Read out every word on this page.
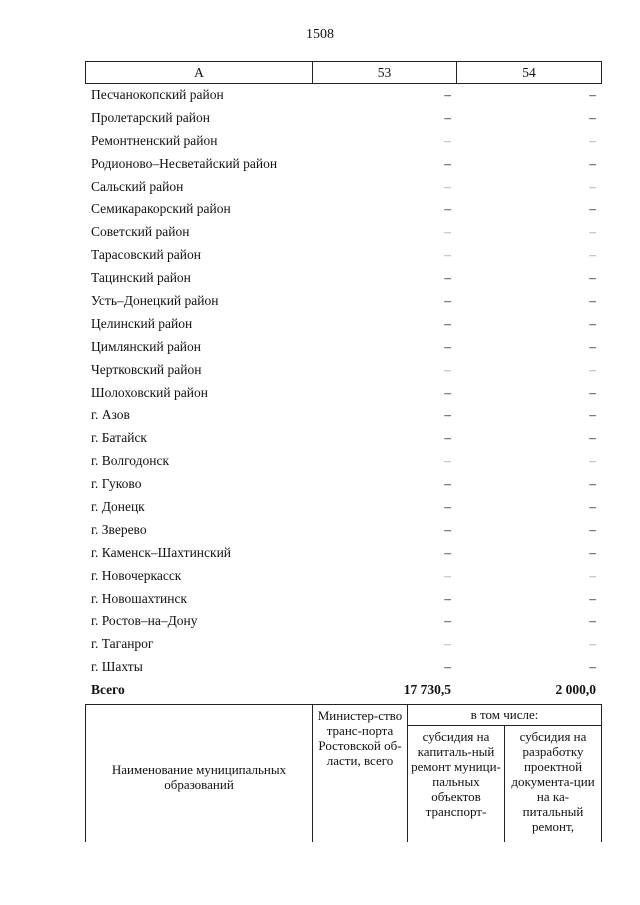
1508
А	53	54
Песчанокопский район	–	–
Пролетарский район	–	–
Ремонтненский район	–	–
Родионово–Несветайский район	–	–
Сальский район	–	–
Семикаракорский район	–	–
Советский район	–	–
Тарасовский район	–	–
Тацинский район	–	–
Усть–Донецкий район	–	–
Целинский район	–	–
Цимлянский район	–	–
Чертковский район	–	–
Шолоховский район	–	–
г. Азов	–	–
г. Батайск	–	–
г. Волгодонск	–	–
г. Гуково	–	–
г. Донецк	–	–
г. Зверево	–	–
г. Каменск–Шахтинский	–	–
г. Новочеркасск	–	–
г. Новошахтинск	–	–
г. Ростов–на–Дону	–	–
г. Таганрог	–	–
г. Шахты	–	–
Всего	17 730,5	2 000,0
Наименование муниципальных образований	Министер-ство транс-порта Ростовской об-ласти, всего	в том числе:	
		субсидия на капиталь-ный ремонт муници-пальных объектов транспорт-	субсидия на разработку проектной документа-ции на ка-питальный ремонт,
